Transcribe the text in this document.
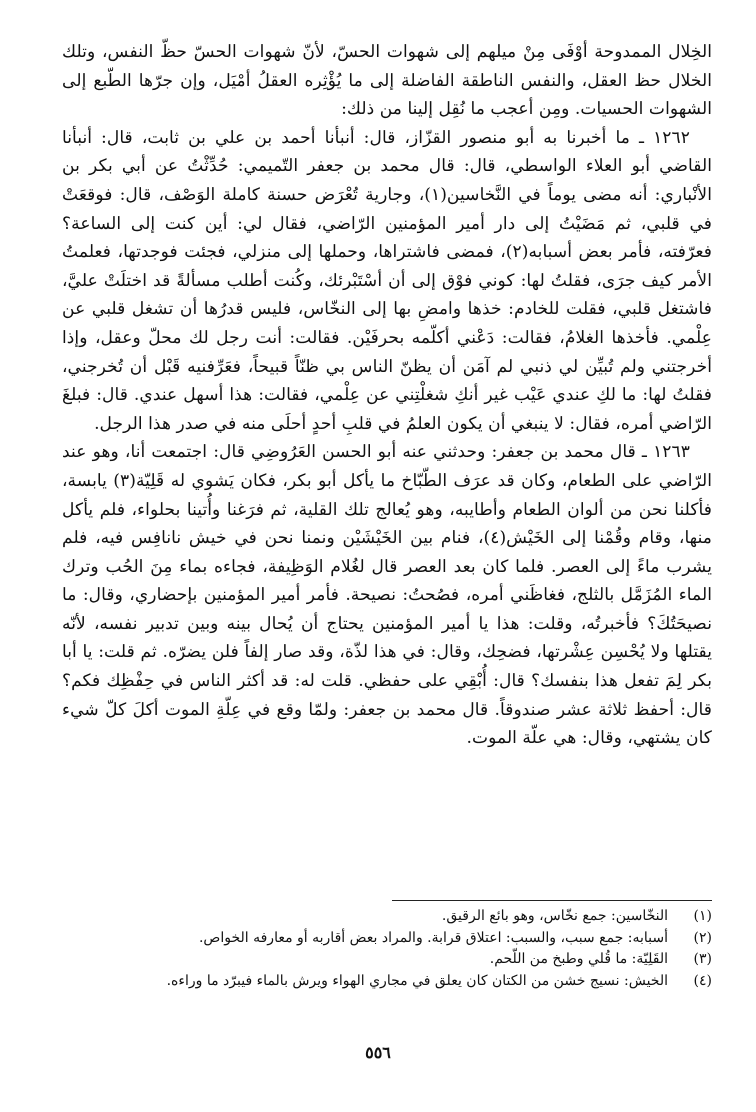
الخِلال الممدوحة أوْفَى مِنْ ميلهم إلى شهوات الحسّ، لأنّ شهوات الحسّ حظّ النفس، وتلك الخلال حظ العقل، والنفس الناطقة الفاضلة إلى ما يُؤْثِره العقلُ أمْيَل، وإن جرّها الطّبع إلى الشهوات الحسيات. ومِن أعجب ما نُقِل إلينا من ذلك:

١٢٦٢ ـ ما أخبرنا به أبو منصور القزّاز، قال: أنبأنا أحمد بن علي بن ثابت، قال: أنبأنا القاضي أبو العلاء الواسطي، قال: قال محمد بن جعفر التّميمي: حُدِّثْتُ عن أبي بكر بن الأنْباري: أنه مضى يوماً في النَّخاسين(١)، وجارية تُعْرَض حسنة كاملة الوَصْف، قال: فوقعَتْ في قلبي، ثم مَضَيْتُ إلى دار أمير المؤمنين الرّاضي، فقال لي: أين كنت إلى الساعة؟ فعرّفته، فأمر بعض أسبابه(٢)، فمضى فاشتراها، وحملها إلى منزلي، فجئت فوجدتها، فعلمتُ الأمر كيف جرَى، فقلتُ لها: كوني فوْق إلى أن أسْتَبْرئك، وكُنت أطلب مسألةً قد اختلَتْ عليَّ، فاشتغل قلبي، فقلت للخادم: خذها وامضِ بها إلى النخّاس، فليس قدرُها أن تشغل قلبي عن عِلْمي. فأخذها الغلامُ، فقالت: دَعْني أكلّمه بحرفَيْن. فقالت: أنت رجل لك محلّ وعقل، وإذا أخرجتني ولم تُبيِّن لي ذنبي لم آمَن أن يظنّ الناس بي ظنّاً قبيحاً، فعَرِّفنيه قَبْل أن تُخرجني، فقلتُ لها: ما لكِ عندي عَيْب غير أنكِ شغلْتِني عن عِلْمي، فقالت: هذا أسهل عندي. قال: فبلغَ الرّاضي أمره، فقال: لا ينبغي أن يكون العلمُ في قلبِ أحدٍ أحلَى منه في صدر هذا الرجل.

١٢٦٣ ـ قال محمد بن جعفر: وحدثني عنه أبو الحسن العَرُوضِي قال: اجتمعت أنا، وهو عند الرّاضي على الطعام، وكان قد عرَف الطّبّاخ ما يأكل أبو بكر، فكان يَشوي له قَلِيّة(٣) يابسة، فأكلنا نحن من ألوان الطعام وأطايبه، وهو يُعالج تلك القلية، ثم فرَغنا وأُتينا بحلواء، فلم يأكل منها، وقام وقُمْنا إلى الخَيْش(٤)، فنام بين الخَيْشَيْن ونمنا نحن في خيش نانافِس فيه، فلم يشرب ماءً إلى العصر. فلما كان بعد العصر قال لغُلام الوَظِيفة، فجاءه بماء مِنَ الحُب وترك الماء المُزَمَّل بالثلج، فغاظَني أمره، فصُحتُ: نصيحة. فأمر أمير المؤمنين بإحضاري، وقال: ما نصيحَتُكَ؟ فأخبرتُه، وقلت: هذا يا أمير المؤمنين يحتاج أن يُحال بينه وبين تدبير نفسه، لأنّه يقتلها ولا يُحْسِن عِشْرتها، فضحِك، وقال: في هذا لذّة، وقد صار إلفاً فلن يضرّه. ثم قلت: يا أبا بكر لِمَ تفعل هذا بنفسك؟ قال: أُبْقِي على حفظي. قلت له: قد أكثر الناس في حِفْظِك فكم؟ قال: أحفظ ثلاثة عشر صندوقاً. قال محمد بن جعفر: ولمّا وقع في عِلّةِ الموت أكلَ كلّ شيء كان يشتهي، وقال: هي علّة الموت.

(١)
النخّاسين: جمع نخّاس، وهو بائع الرقيق.
(٢)
أسبابه: جمع سبب، والسبب: اعتلاق قرابة. والمراد بعض أقاربه أو معارفه الخواص.
(٣)
القَلِيّة: ما قُلي وطبخ من اللّحم.
(٤)
الخيش: نسيج خشن من الكتان كان يعلق في مجاري الهواء ويرش بالماء فيبرّد ما وراءه.
٥٥٦
